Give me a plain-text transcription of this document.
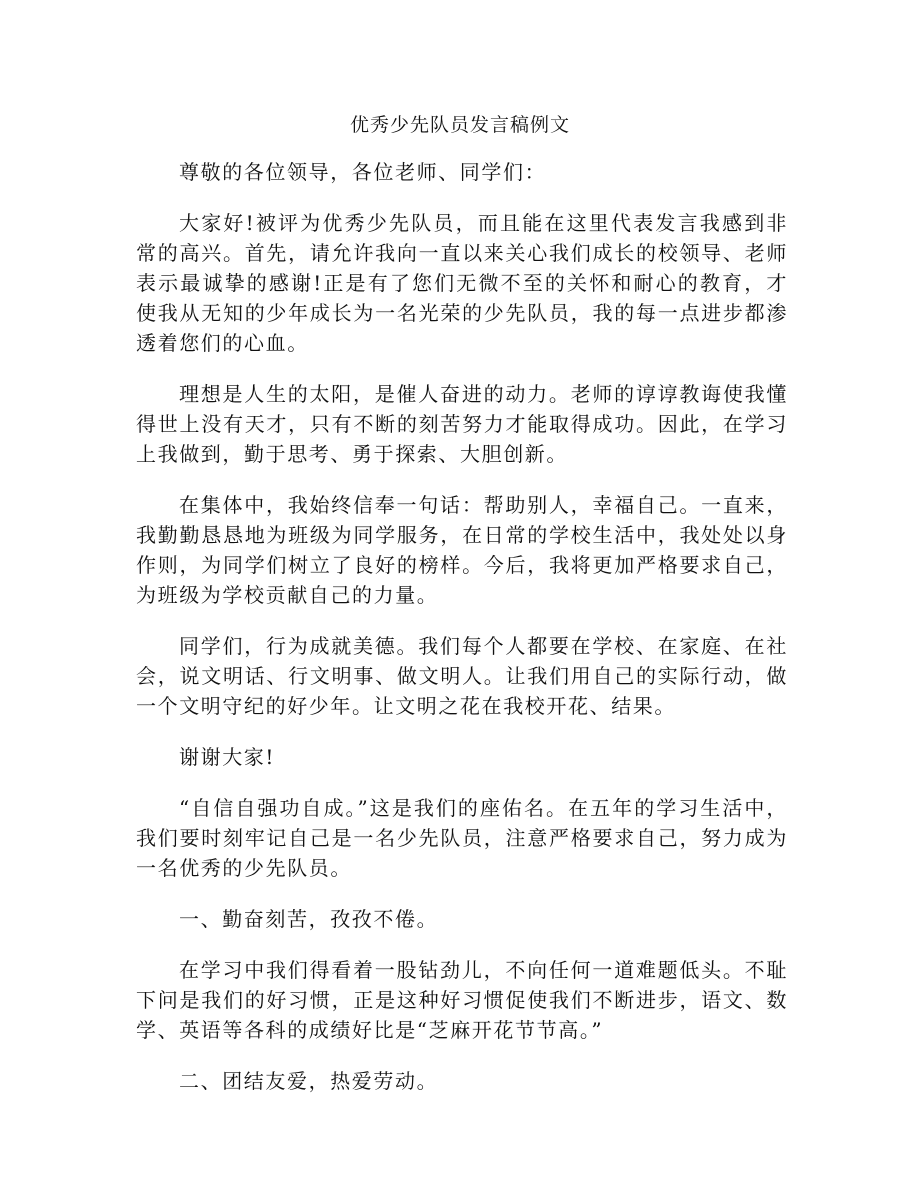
优秀少先队员发言稿例文

尊敬的各位领导，各位老师、同学们：

大家好!被评为优秀少先队员，而且能在这里代表发言我感到非常的高兴。首先，请允许我向一直以来关心我们成长的校领导、老师表示最诚挚的感谢!正是有了您们无微不至的关怀和耐心的教育，才使我从无知的少年成长为一名光荣的少先队员，我的每一点进步都渗透着您们的心血。

理想是人生的太阳，是催人奋进的动力。老师的谆谆教诲使我懂得世上没有天才，只有不断的刻苦努力才能取得成功。因此，在学习上我做到，勤于思考、勇于探索、大胆创新。

在集体中，我始终信奉一句话：帮助别人，幸福自己。一直来，我勤勤恳恳地为班级为同学服务，在日常的学校生活中，我处处以身作则，为同学们树立了良好的榜样。今后，我将更加严格要求自己，为班级为学校贡献自己的力量。

同学们，行为成就美德。我们每个人都要在学校、在家庭、在社会，说文明话、行文明事、做文明人。让我们用自己的实际行动，做一个文明守纪的好少年。让文明之花在我校开花、结果。

谢谢大家!

“自信自强功自成。”这是我们的座佑名。在五年的学习生活中，我们要时刻牢记自己是一名少先队员，注意严格要求自己，努力成为一名优秀的少先队员。

一、勤奋刻苦，孜孜不倦。

在学习中我们得看着一股钻劲儿，不向任何一道难题低头。不耻下问是我们的好习惯，正是这种好习惯促使我们不断进步，语文、数学、英语等各科的成绩好比是“芝麻开花节节高。”

二、团结友爱，热爱劳动。
